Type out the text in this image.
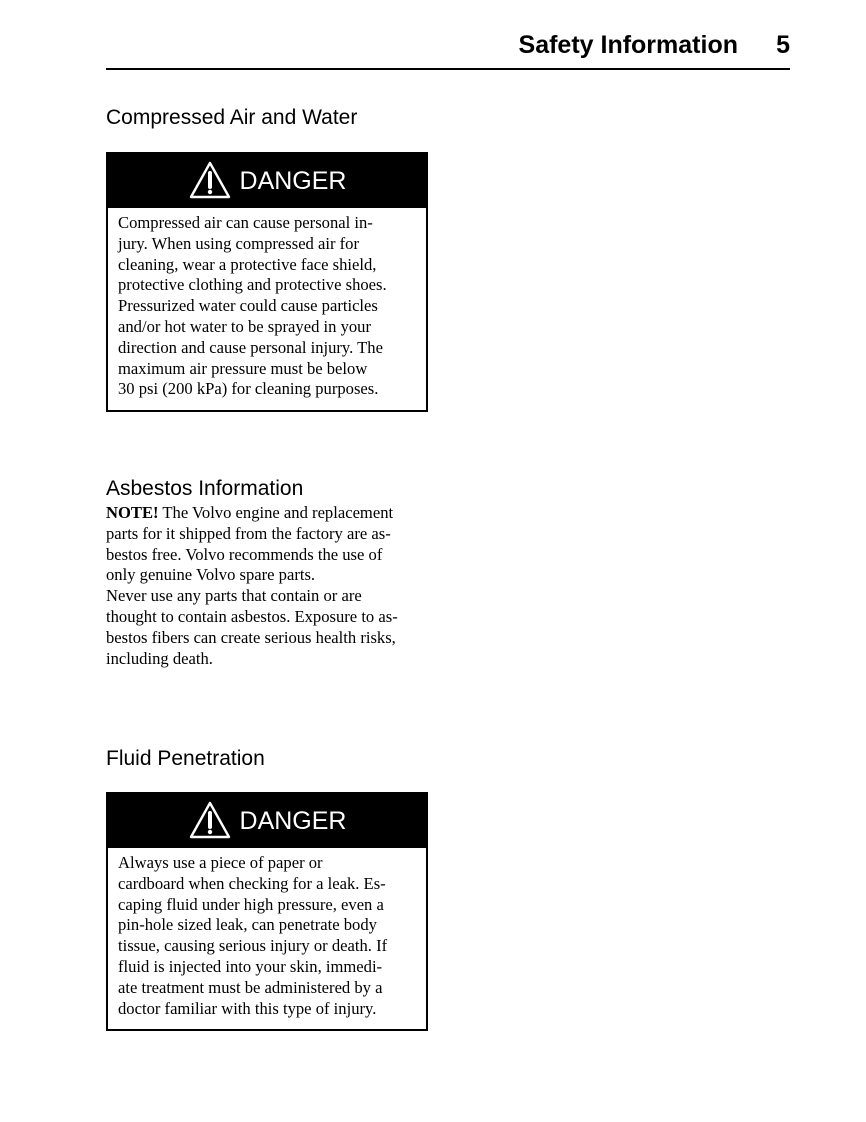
Safety Information 5
Compressed Air and Water
DANGER

Compressed air can cause personal in-
jury. When using compressed air for
cleaning, wear a protective face shield,
protective clothing and protective shoes.
Pressurized water could cause particles
and/or hot water to be sprayed in your
direction and cause personal injury. The
maximum air pressure must be below
30 psi (200 kPa) for cleaning purposes.

Asbestos Information

NOTE! The Volvo engine and replacement
parts for it shipped from the factory are as-
bestos free. Volvo recommends the use of
only genuine Volvo spare parts.
Never use any parts that contain or are
thought to contain asbestos. Exposure to as-
bestos fibers can create serious health risks,
including death.

Fluid Penetration
DANGER

Always use a piece of paper or
cardboard when checking for a leak. Es-
caping fluid under high pressure, even a
pin-hole sized leak, can penetrate body
tissue, causing serious injury or death. If
fluid is injected into your skin, immedi-
ate treatment must be administered by a
doctor familiar with this type of injury.
